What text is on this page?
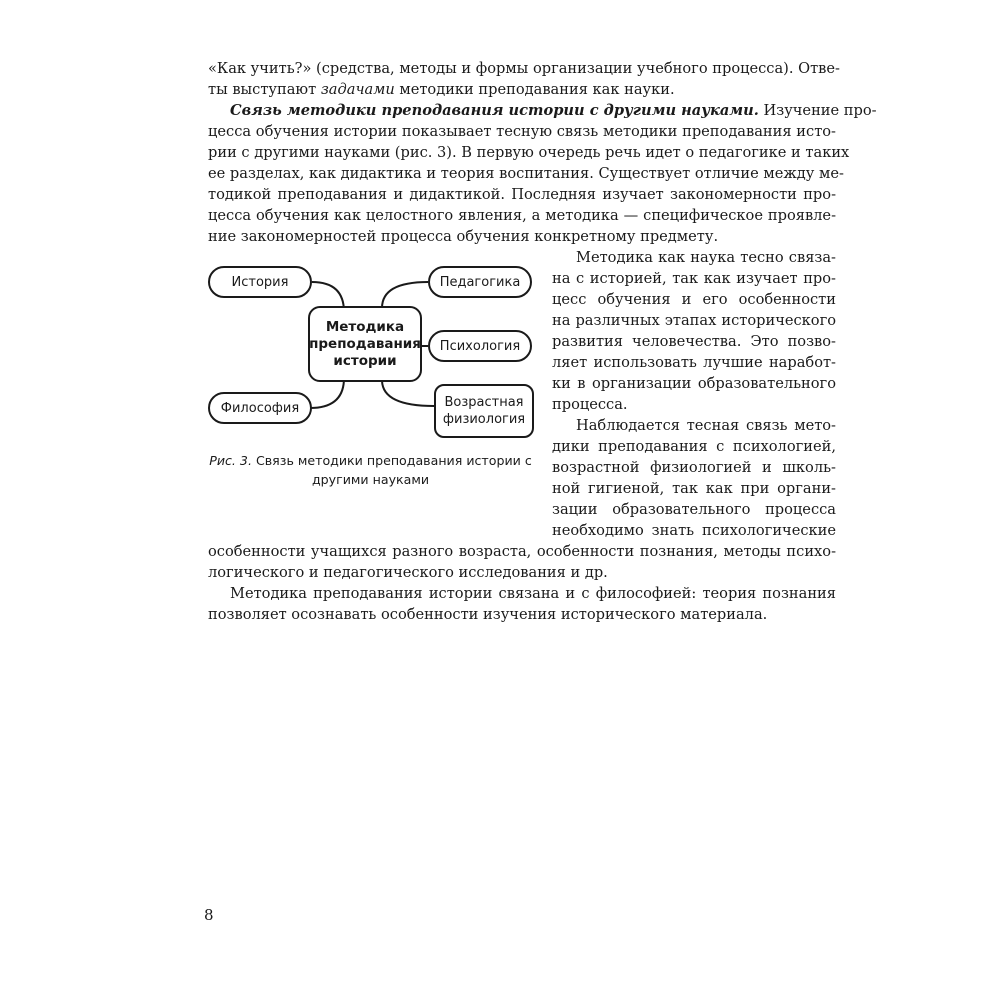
«Как учить?» (средства, методы и формы организации учебного процесса). Отве-
ты выступают задачами методики преподавания как науки.
Связь методики преподавания истории с другими науками. Изучение про-
цесса обучения истории показывает тесную связь методики преподавания исто-
рии с другими науками (рис. 3). В первую очередь речь идет о педагогике и таких
ее разделах, как дидактика и теория воспитания. Существует отличие между ме-
тодикой преподавания и дидактикой. Последняя изучает закономерности про-
цесса обучения как целостного явления, а методика — специфическое проявле-
ние закономерностей процесса обучения конкретному предмету.
Методика как наука тесно связа-
на с историей, так как изучает про-
цесс обучения и его особенности
на различных этапах исторического
развития человечества. Это позво-
ляет использовать лучшие наработ-
ки в организации образовательного
процесса.
Наблюдается тесная связь мето-
дики преподавания с психологией,
возрастной физиологией и школь-
ной гигиеной, так как при органи-
зации образовательного процесса
необходимо знать психологические
особенности учащихся разного возраста, особенности познания, методы психо-
логического и педагогического исследования и др.
Методика преподавания истории связана и с философией: теория познания
позволяет осознавать особенности изучения исторического материала.
История
Философия
Педагогика
Психология
Возрастная физиология
Методика преподавания истории
Рис. 3. Связь методики преподавания истории с другими науками
8
